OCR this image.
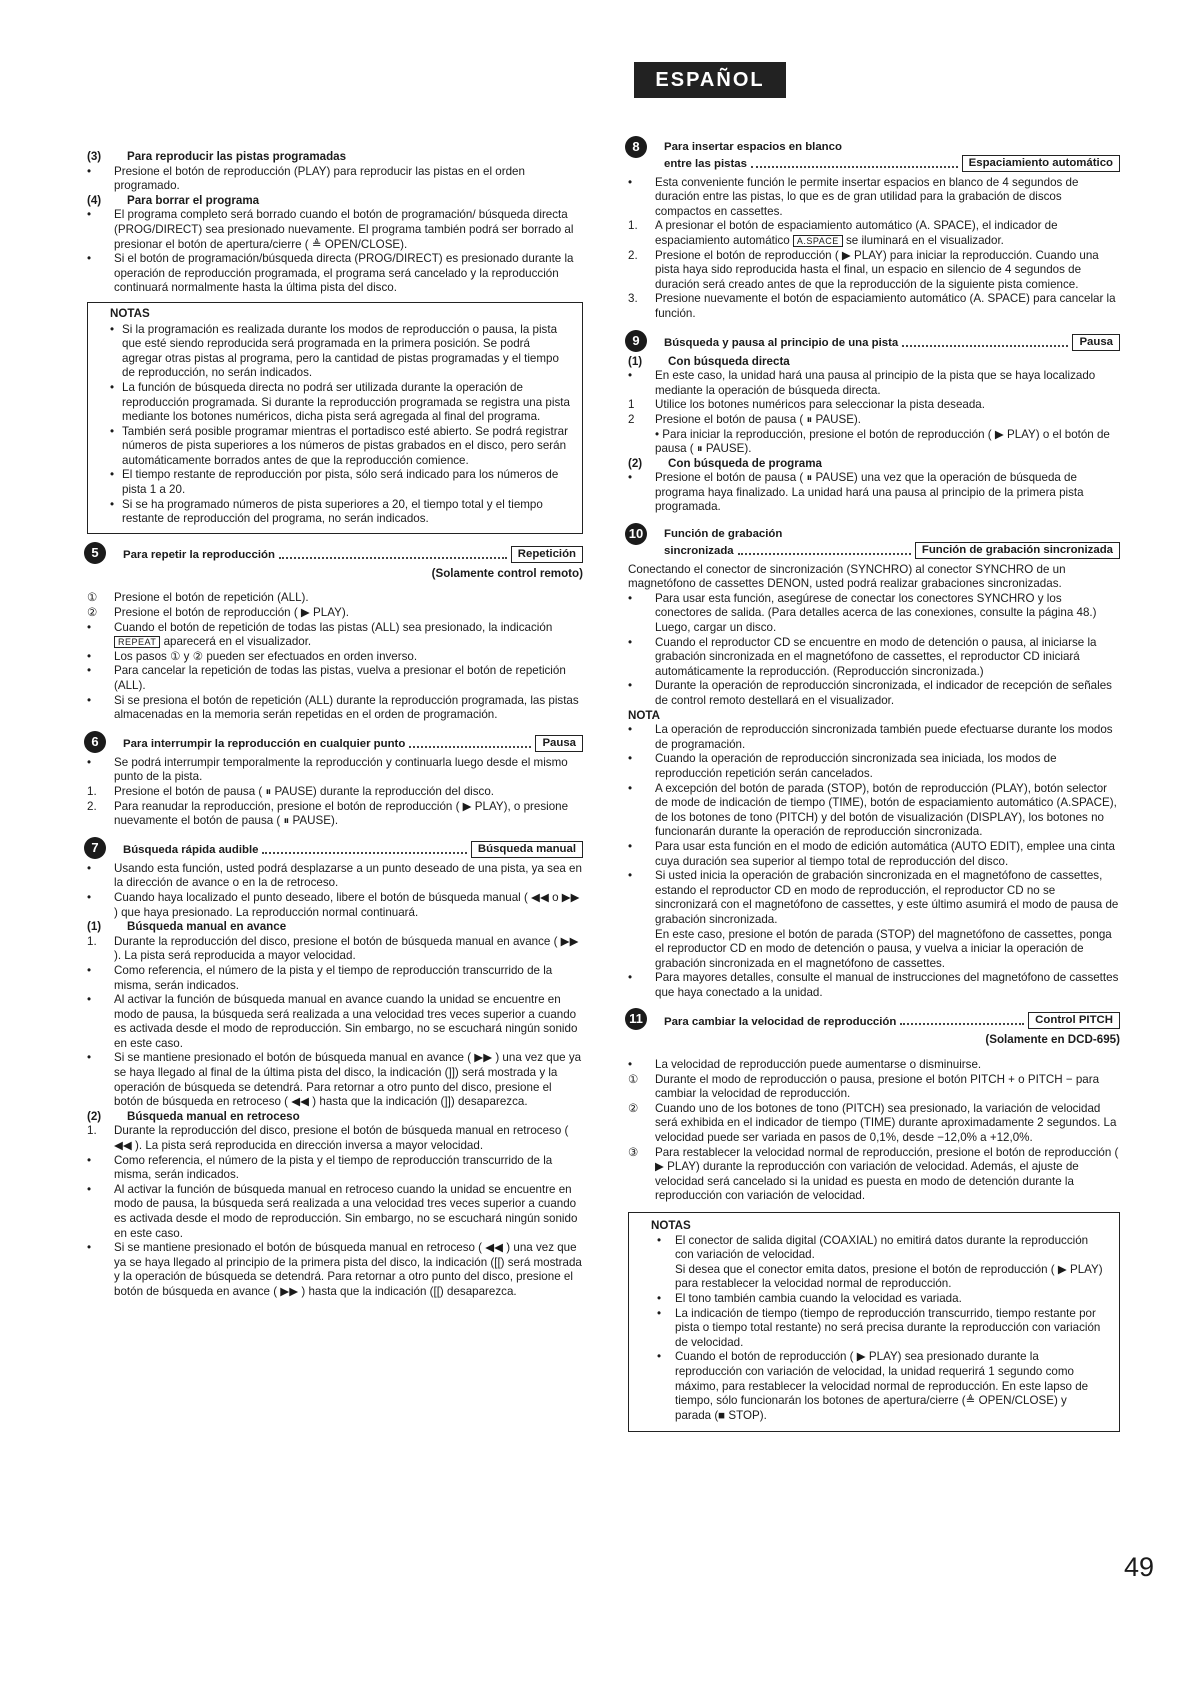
ESPAÑOL
(3)	Para reproducir las pistas programadas
• Presione el botón de reproducción (PLAY) para reproducir las pistas en el orden programado.
(4)	Para borrar el programa
• El programa completo será borrado cuando el botón de programación/ búsqueda directa (PROG/DIRECT) sea presionado nuevamente. El programa también podrá ser borrado al presionar el botón de apertura/cierre ( ≜ OPEN/CLOSE).
• Si el botón de programación/búsqueda directa (PROG/DIRECT) es presionado durante la operación de reproducción programada, el programa será cancelado y la reproducción continuará normalmente hasta la última pista del disco.
NOTAS
• Si la programación es realizada durante los modos de reproducción o pausa, la pista que esté siendo reproducida será programada en la primera posición. Se podrá agregar otras pistas al programa, pero la cantidad de pistas programadas y el tiempo de reproducción, no serán indicados.
• La función de búsqueda directa no podrá ser utilizada durante la operación de reproducción programada. Si durante la reproducción programada se registra una pista mediante los botones numéricos, dicha pista será agregada al final del programa.
• También será posible programar mientras el portadisco esté abierto. Se podrá registrar números de pista superiores a los números de pistas grabados en el disco, pero serán automáticamente borrados antes de que la reproducción comience.
• El tiempo restante de reproducción por pista, sólo será indicado para los números de pista 1 a 20.
• Si se ha programado números de pista superiores a 20, el tiempo total y el tiempo restante de reproducción del programa, no serán indicados.
5	Para repetir la reproducción	Repetición
(Solamente control remoto)
① Presione el botón de repetición (ALL).
② Presione el botón de reproducción ( ▶ PLAY).
• Cuando el botón de repetición de todas las pistas (ALL) sea presionado, la indicación REPEAT aparecerá en el visualizador.
• Los pasos ① y ② pueden ser efectuados en orden inverso.
• Para cancelar la repetición de todas las pistas, vuelva a presionar el botón de repetición (ALL).
• Si se presiona el botón de repetición (ALL) durante la reproducción programada, las pistas almacenadas en la memoria serán repetidas en el orden de programación.
6	Para interrumpir la reproducción en cualquier punto	Pausa
• Se podrá interrumpir temporalmente la reproducción y continuarla luego desde el mismo punto de la pista.
1. Presione el botón de pausa ( ⏸ PAUSE) durante la reproducción del disco.
2. Para reanudar la reproducción, presione el botón de reproducción ( ▶ PLAY), o presione nuevamente el botón de pausa ( ⏸ PAUSE).
7	Búsqueda rápida audible	Búsqueda manual
• Usando esta función, usted podrá desplazarse a un punto deseado de una pista, ya sea en la dirección de avance o en la de retroceso.
• Cuando haya localizado el punto deseado, libere el botón de búsqueda manual ( ◀◀ o ▶▶ ) que haya presionado. La reproducción normal continuará.
(1)	Búsqueda manual en avance
1. Durante la reproducción del disco, presione el botón de búsqueda manual en avance ( ▶▶ ). La pista será reproducida a mayor velocidad.
• Como referencia, el número de la pista y el tiempo de reproducción transcurrido de la misma, serán indicados.
• Al activar la función de búsqueda manual en avance cuando la unidad se encuentre en modo de pausa, la búsqueda será realizada a una velocidad tres veces superior a cuando es activada desde el modo de reproducción. Sin embargo, no se escuchará ningún sonido en este caso.
• Si se mantiene presionado el botón de búsqueda manual en avance ( ▶▶ ) una vez que ya se haya llegado al final de la última pista del disco, la indicación (]]) será mostrada y la operación de búsqueda se detendrá. Para retornar a otro punto del disco, presione el botón de búsqueda en retroceso ( ◀◀ ) hasta que la indicación (]]) desaparezca.
(2)	Búsqueda manual en retroceso
1. Durante la reproducción del disco, presione el botón de búsqueda manual en retroceso ( ◀◀ ). La pista será reproducida en dirección inversa a mayor velocidad.
• Como referencia, el número de la pista y el tiempo de reproducción transcurrido de la misma, serán indicados.
• Al activar la función de búsqueda manual en retroceso cuando la unidad se encuentre en modo de pausa, la búsqueda será realizada a una velocidad tres veces superior a cuando es activada desde el modo de reproducción. Sin embargo, no se escuchará ningún sonido en este caso.
• Si se mantiene presionado el botón de búsqueda manual en retroceso ( ◀◀ ) una vez que ya se haya llegado al principio de la primera pista del disco, la indicación ([[) será mostrada y la operación de búsqueda se detendrá. Para retornar a otro punto del disco, presione el botón de búsqueda en avance ( ▶▶ ) hasta que la indicación ([[) desaparezca.
8	Para insertar espacios en blanco
entre las pistas	Espaciamiento automático
• Esta conveniente función le permite insertar espacios en blanco de 4 segundos de duración entre las pistas, lo que es de gran utilidad para la grabación de discos compactos en cassettes.
1. A presionar el botón de espaciamiento automático (A. SPACE), el indicador de espaciamiento automático A.SPACE se iluminará en el visualizador.
2. Presione el botón de reproducción ( ▶ PLAY) para iniciar la reproducción. Cuando una pista haya sido reproducida hasta el final, un espacio en silencio de 4 segundos de duración será creado antes de que la reproducción de la siguiente pista comience.
3. Presione nuevamente el botón de espaciamiento automático (A. SPACE) para cancelar la función.
9	Búsqueda y pausa al principio de una pista	Pausa
(1)	Con búsqueda directa
• En este caso, la unidad hará una pausa al principio de la pista que se haya localizado mediante la operación de búsqueda directa.
1 Utilice los botones numéricos para seleccionar la pista deseada.
2 Presione el botón de pausa ( ⏸ PAUSE).
• Para iniciar la reproducción, presione el botón de reproducción ( ▶ PLAY) o el botón de pausa ( ⏸ PAUSE).
(2)	Con búsqueda de programa
• Presione el botón de pausa ( ⏸ PAUSE) una vez que la operación de búsqueda de programa haya finalizado. La unidad hará una pausa al principio de la primera pista programada.
10	Función de grabación
sincronizada	Función de grabación sincronizada
Conectando el conector de sincronización (SYNCHRO) al conector SYNCHRO de un magnetófono de cassettes DENON, usted podrá realizar grabaciones sincronizadas.
• Para usar esta función, asegúrese de conectar los conectores SYNCHRO y los conectores de salida. (Para detalles acerca de las conexiones, consulte la página 48.) Luego, cargar un disco.
• Cuando el reproductor CD se encuentre en modo de detención o pausa, al iniciarse la grabación sincronizada en el magnetófono de cassettes, el reproductor CD iniciará automáticamente la reproducción. (Reproducción sincronizada.)
• Durante la operación de reproducción sincronizada, el indicador de recepción de señales de control remoto destellará en el visualizador.
NOTA
• La operación de reproducción sincronizada también puede efectuarse durante los modos de programación.
• Cuando la operación de reproducción sincronizada sea iniciada, los modos de reproducción repetición serán cancelados.
• A excepción del botón de parada (STOP), botón de reproducción (PLAY), botón selector de mode de indicación de tiempo (TIME), botón de espaciamiento automático (A.SPACE), de los botones de tono (PITCH) y del botón de visualización (DISPLAY), los botones no funcionarán durante la operación de reproducción sincronizada.
• Para usar esta función en el modo de edición automática (AUTO EDIT), emplee una cinta cuya duración sea superior al tiempo total de reproducción del disco.
• Si usted inicia la operación de grabación sincronizada en el magnetófono de cassettes, estando el reproductor CD en modo de reproducción, el reproductor CD no se sincronizará con el magnetófono de cassettes, y este último asumirá el modo de pausa de grabación sincronizada.
En este caso, presione el botón de parada (STOP) del magnetófono de cassettes, ponga el reproductor CD en modo de detención o pausa, y vuelva a iniciar la operación de grabación sincronizada en el magnetófono de cassettes.
• Para mayores detalles, consulte el manual de instrucciones del magnetófono de cassettes que haya conectado a la unidad.
11	Para cambiar la velocidad de reproducción	Control PITCH
(Solamente en DCD-695)
• La velocidad de reproducción puede aumentarse o disminuirse.
① Durante el modo de reproducción o pausa, presione el botón PITCH + o PITCH − para cambiar la velocidad de reproducción.
② Cuando uno de los botones de tono (PITCH) sea presionado, la variación de velocidad será exhibida en el indicador de tiempo (TIME) durante aproximadamente 2 segundos. La velocidad puede ser variada en pasos de 0,1%, desde −12,0% a +12,0%.
③ Para restablecer la velocidad normal de reproducción, presione el botón de reproducción ( ▶ PLAY) durante la reproducción con variación de velocidad. Además, el ajuste de velocidad será cancelado si la unidad es puesta en modo de detención durante la reproducción con variación de velocidad.
NOTAS
• El conector de salida digital (COAXIAL) no emitirá datos durante la reproducción con variación de velocidad.
Si desea que el conector emita datos, presione el botón de reproducción ( ▶ PLAY) para restablecer la velocidad normal de reproducción.
• El tono también cambia cuando la velocidad es variada.
• La indicación de tiempo (tiempo de reproducción transcurrido, tiempo restante por pista o tiempo total restante) no será precisa durante la reproducción con variación de velocidad.
• Cuando el botón de reproducción ( ▶ PLAY) sea presionado durante la reproducción con variación de velocidad, la unidad requerirá 1 segundo como máximo, para restablecer la velocidad normal de reproducción. En este lapso de tiempo, sólo funcionarán los botones de apertura/cierre (≜ OPEN/CLOSE) y parada (■ STOP).
49
